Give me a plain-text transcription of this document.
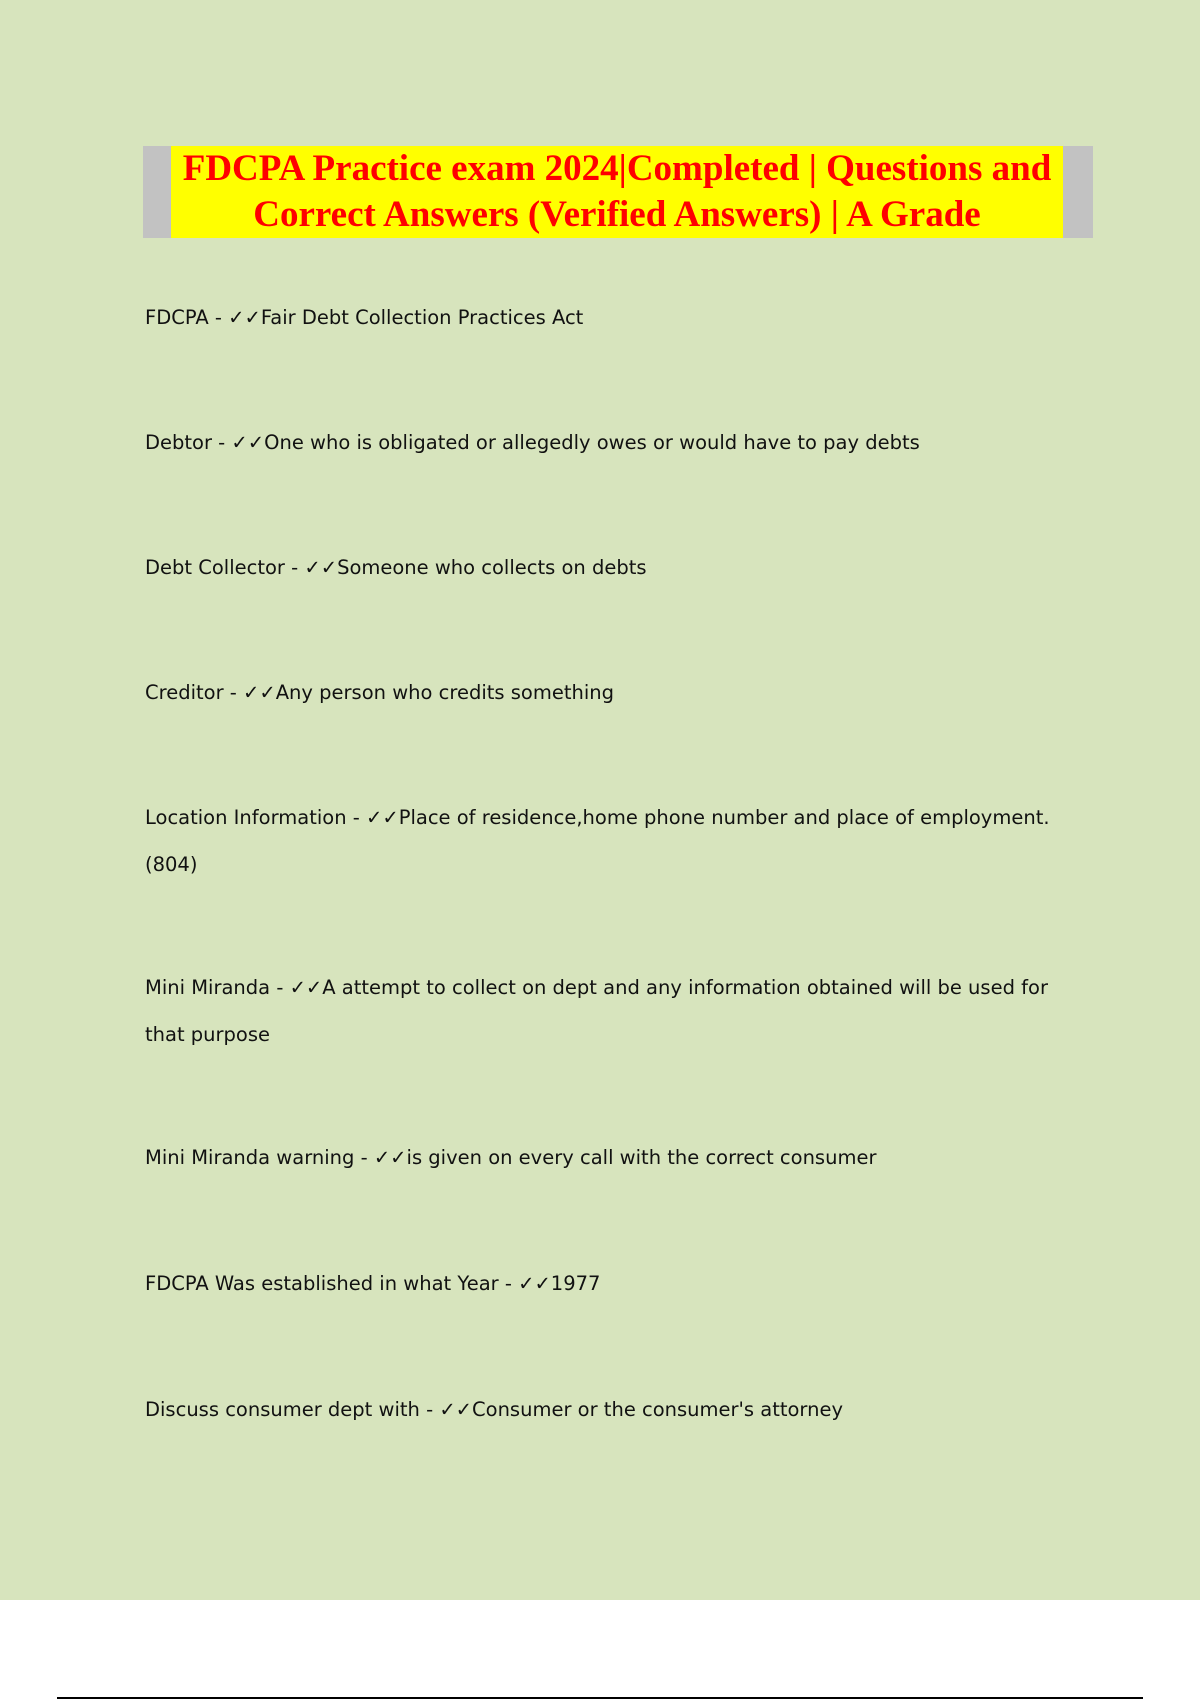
FDCPA Practice exam 2024|Completed | Questions and Correct Answers (Verified Answers) | A Grade

FDCPA - ✓✓Fair Debt Collection Practices Act

Debtor - ✓✓One who is obligated or allegedly owes or would have to pay debts

Debt Collector - ✓✓Someone who collects on debts

Creditor - ✓✓Any person who credits something

Location Information - ✓✓Place of residence,home phone number and place of employment. (804)

Mini Miranda - ✓✓A attempt to collect on dept and any information obtained will be used for that purpose

Mini Miranda warning - ✓✓is given on every call with the correct consumer

FDCPA Was established in what Year - ✓✓1977

Discuss consumer dept with - ✓✓Consumer or the consumer's attorney
